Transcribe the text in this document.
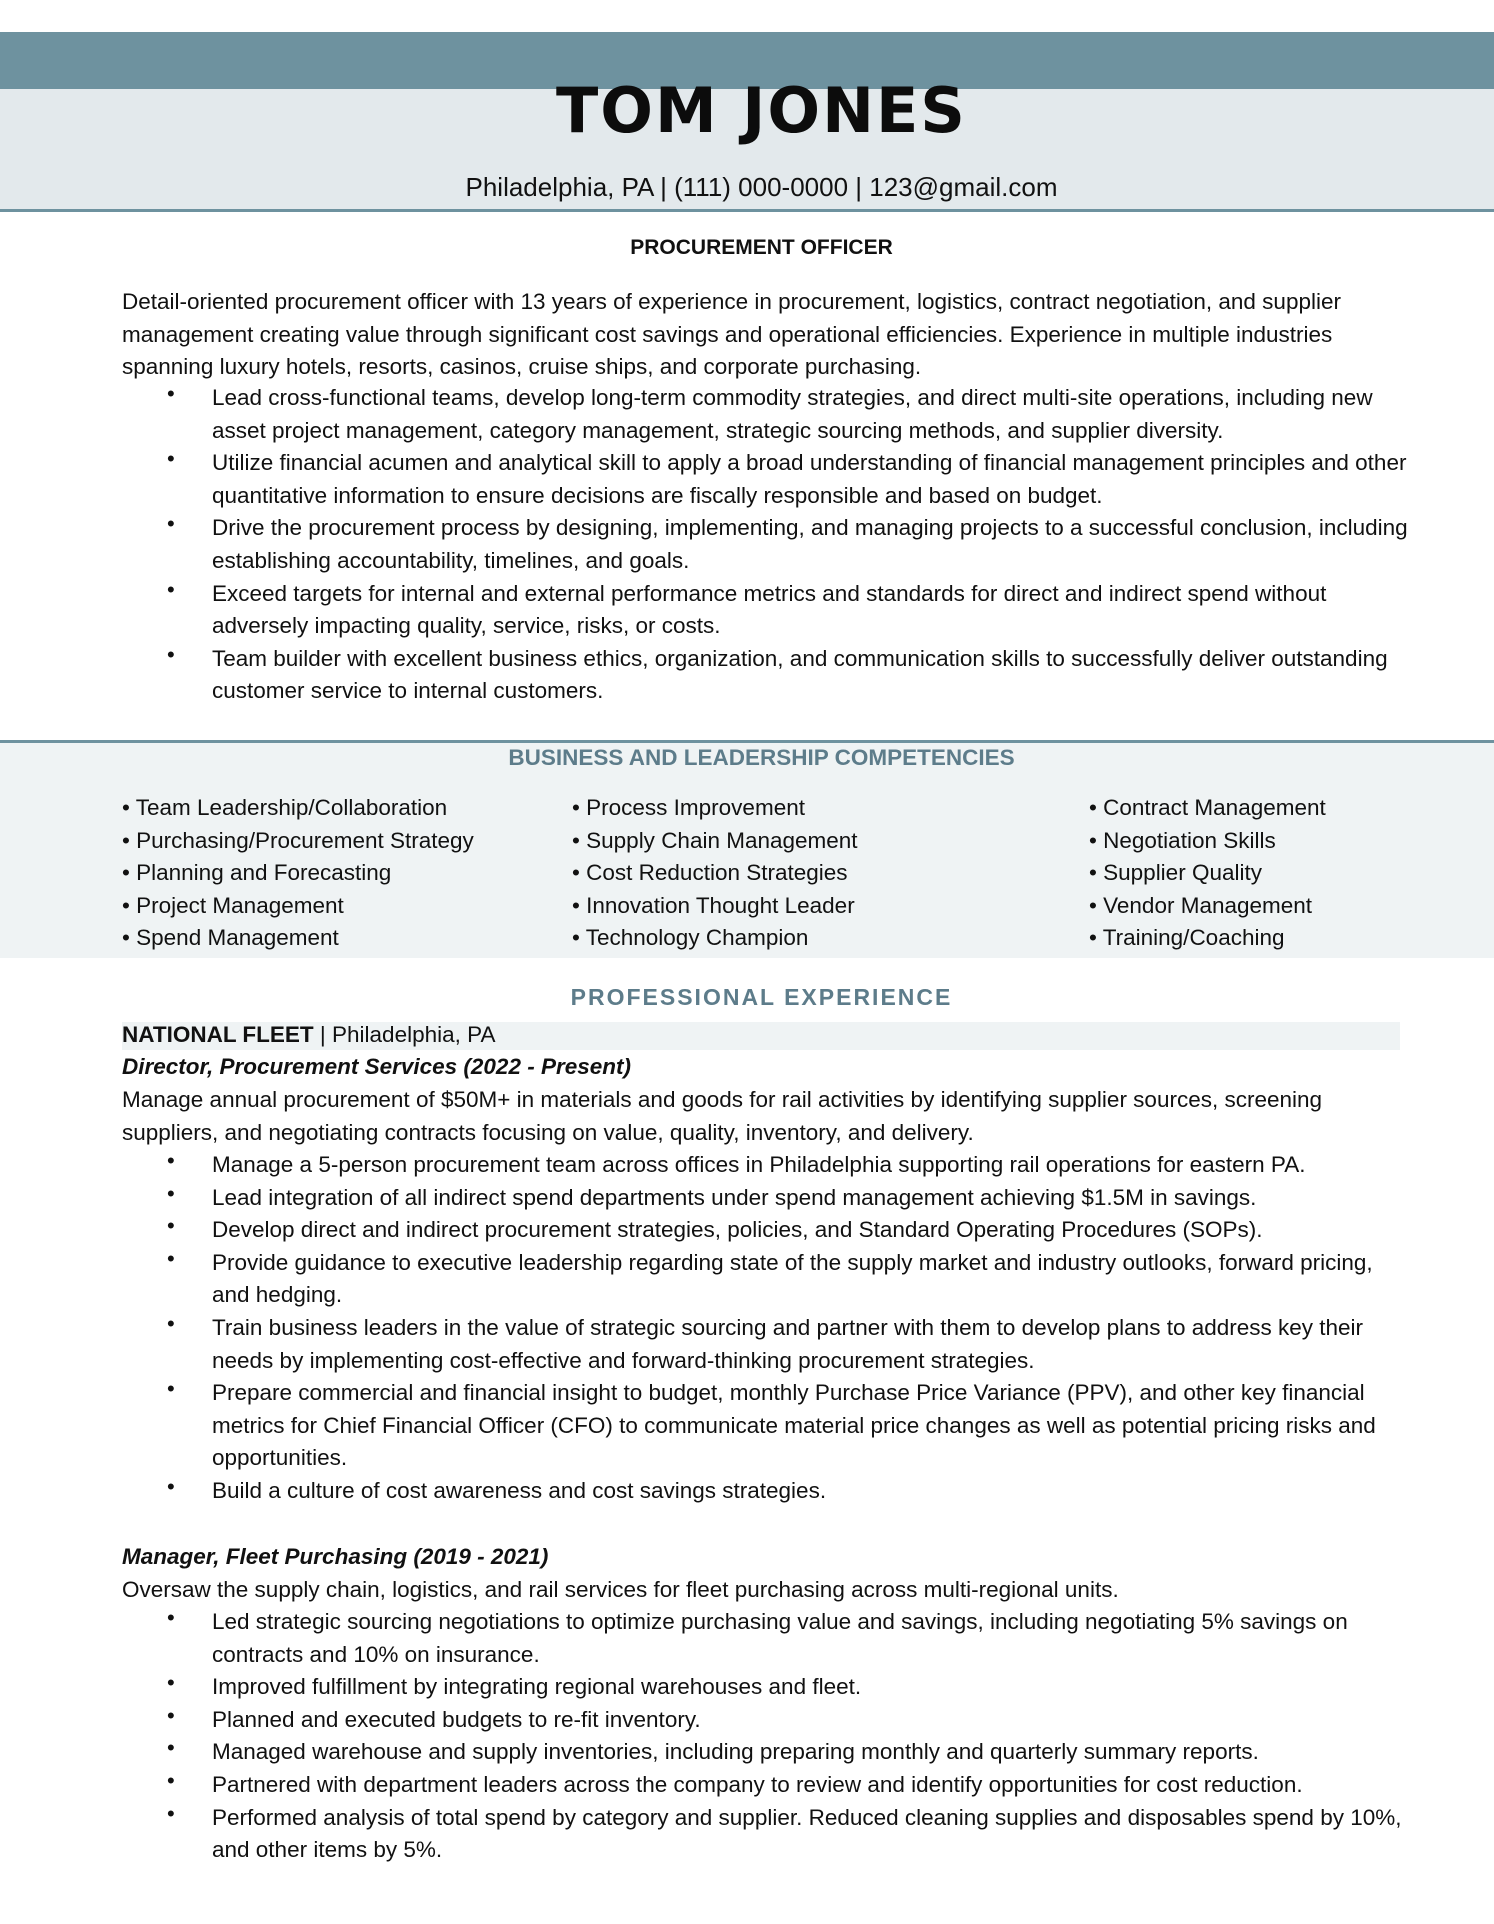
TOM JONES
Philadelphia, PA | (111) 000-0000 | 123@gmail.com
PROCUREMENT OFFICER

Detail-oriented procurement officer with 13 years of experience in procurement, logistics, contract negotiation, and supplier management creating value through significant cost savings and operational efficiencies. Experience in multiple industries spanning luxury hotels, resorts, casinos, cruise ships, and corporate purchasing.

• Lead cross-functional teams, develop long-term commodity strategies, and direct multi-site operations, including new asset project management, category management, strategic sourcing methods, and supplier diversity.
• Utilize financial acumen and analytical skill to apply a broad understanding of financial management principles and other quantitative information to ensure decisions are fiscally responsible and based on budget.
• Drive the procurement process by designing, implementing, and managing projects to a successful conclusion, including establishing accountability, timelines, and goals.
• Exceed targets for internal and external performance metrics and standards for direct and indirect spend without adversely impacting quality, service, risks, or costs.
• Team builder with excellent business ethics, organization, and communication skills to successfully deliver outstanding customer service to internal customers.
BUSINESS AND LEADERSHIP COMPETENCIES
• Team Leadership/Collaboration
• Purchasing/Procurement Strategy
• Planning and Forecasting
• Project Management
• Spend Management
• Process Improvement
• Supply Chain Management
• Cost Reduction Strategies
• Innovation Thought Leader
• Technology Champion
• Contract Management
• Negotiation Skills
• Supplier Quality
• Vendor Management
• Training/Coaching
PROFESSIONAL EXPERIENCE
NATIONAL FLEET | Philadelphia, PA
Director, Procurement Services (2022 - Present)

Manage annual procurement of $50M+ in materials and goods for rail activities by identifying supplier sources, screening suppliers, and negotiating contracts focusing on value, quality, inventory, and delivery.

• Manage a 5-person procurement team across offices in Philadelphia supporting rail operations for eastern PA.
• Lead integration of all indirect spend departments under spend management achieving $1.5M in savings.
• Develop direct and indirect procurement strategies, policies, and Standard Operating Procedures (SOPs).
• Provide guidance to executive leadership regarding state of the supply market and industry outlooks, forward pricing, and hedging.
• Train business leaders in the value of strategic sourcing and partner with them to develop plans to address key their needs by implementing cost-effective and forward-thinking procurement strategies.
• Prepare commercial and financial insight to budget, monthly Purchase Price Variance (PPV), and other key financial metrics for Chief Financial Officer (CFO) to communicate material price changes as well as potential pricing risks and opportunities.
• Build a culture of cost awareness and cost savings strategies.
Manager, Fleet Purchasing (2019 - 2021)

Oversaw the supply chain, logistics, and rail services for fleet purchasing across multi-regional units.

• Led strategic sourcing negotiations to optimize purchasing value and savings, including negotiating 5% savings on contracts and 10% on insurance.
• Improved fulfillment by integrating regional warehouses and fleet.
• Planned and executed budgets to re-fit inventory.
• Managed warehouse and supply inventories, including preparing monthly and quarterly summary reports.
• Partnered with department leaders across the company to review and identify opportunities for cost reduction.
• Performed analysis of total spend by category and supplier. Reduced cleaning supplies and disposables spend by 10%, and other items by 5%.
